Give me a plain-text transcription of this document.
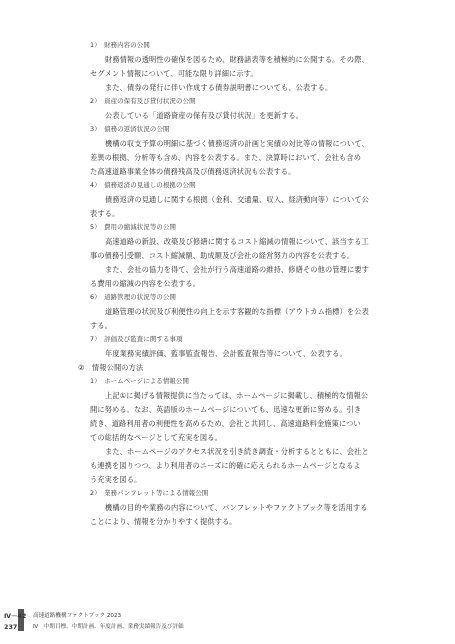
1）　財務内容の公開
財務情報の透明性の確保を図るため、財務諸表等を積極的に公開する。その際、
セグメント情報について、可能な限り詳細に示す。
また、債券の発行に伴い作成する債券説明書についても、公表する。
2）　資産の保有及び貸付状況の公開
公表している「道路資産の保有及び貸付状況」を更新する。
3）　債務の返済状況の公開
機構の収支予算の明細に基づく債務返済の計画と実績の対比等の情報について、
差異の根拠、分析等も含め、内容を公表する。また、決算時において、会社も含め
た高速道路事業全体の債務残高及び債務返済状況も公表する。
4）　債務返済の見通しの根拠の公開
債務返済の見通しに関する根拠（金利、交通量、収入、経済動向等）について公
表する。
5）　費用の縮減状況等の公開
高速道路の新設、改築及び修繕に関するコスト縮減の情報について、該当する工
事の債務引受額、コスト縮減額、助成額及び会社の経営努力の内容を公表する。
また、会社の協力を得て、会社が行う高速道路の維持、修繕その他の管理に要す
る費用の縮減の内容を公表する。
6）　道路管理の状況等の公開
道路管理の状況及び利便性の向上を示す客観的な指標（アウトカム指標）を公表
する。
7）　評価及び監査に関する事項
年度業務実績評価、監事監査報告、会計監査報告等について、公表する。
②　情報公開の方法
1）　ホームページによる情報公開
上記①に掲げる情報提供に当たっては、ホームページに掲載し、積極的な情報公
開に努める。なお、英語版のホームページについても、迅速な更新に努める。引き
続き、道路利用者の利便性を高めるため、会社と共同し、高速道路料金施策につい
ての総括的なページとして充実を図る。
また、ホームページのアクセス状況を引き続き調査・分析するとともに、会社と
も連携を図りつつ、より利用者のニーズに的確に応えられるホームページとなるよ
う充実を図る。
2）　業務パンフレット等による情報公開
機構の目的や業務の内容について、パンフレットやファクトブック等を活用する
ことにより、情報を分かりやすく提供する。
Ⅳ－42
237
高速道路機構ファクトブック 2023
Ⅳ　中期目標、中期計画、年度計画、業務実績報告及び評価
